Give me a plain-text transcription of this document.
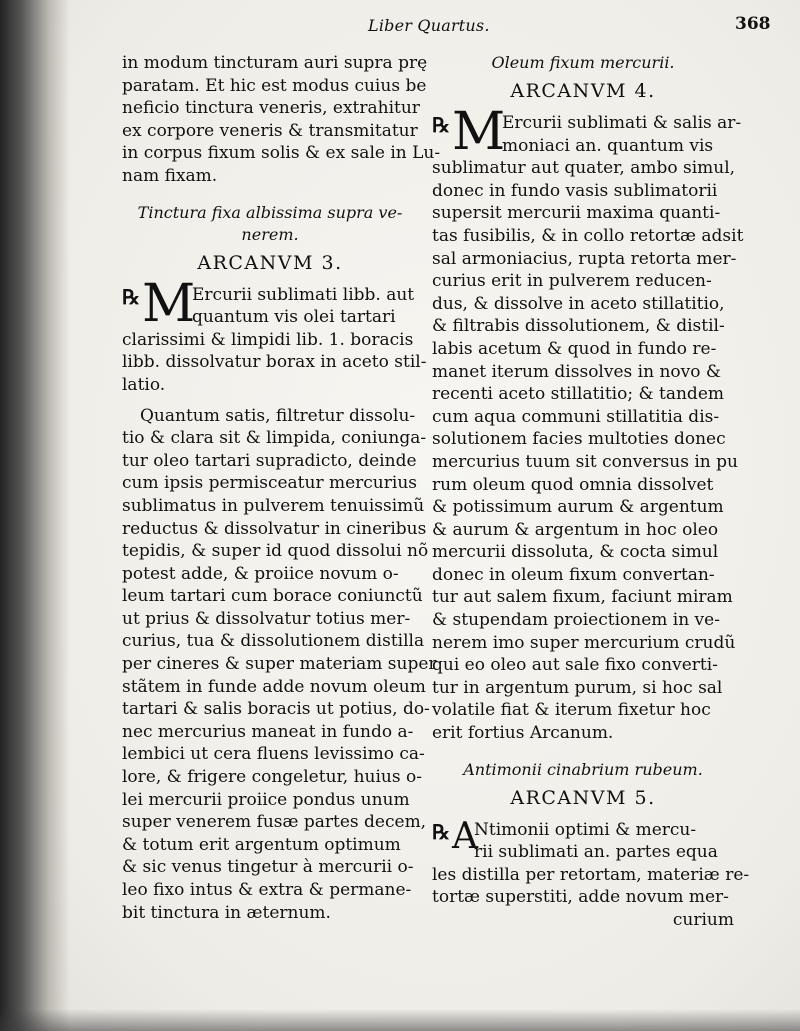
Liber Quartus.	368
in modum tincturam auri supra prę
paratam. Et hic est modus cuius be
neficio tinctura veneris, extrahitur
ex corpore veneris & transmitatur
in corpus fixum solis & ex sale in Lu-
nam fixam.
Tinctura fixa albissima supra ve-
nerem.
ARCANVM 3.
℞ M
Ercurii sublimati libb. aut
quantum vis olei tartari
clarissimi & limpidi lib. 1. boracis
libb. dissolvatur borax in aceto stil-
latio.
Quantum satis, filtretur dissolu-
tio & clara sit & limpida, coniunga-
tur oleo tartari supradicto, deinde
cum ipsis permisceatur mercurius
sublimatus in pulverem tenuissimũ
reductus & dissolvatur in cineribus
tepidis, & super id quod dissolui nõ
potest adde, & proiice novum o-
leum tartari cum borace coniunctũ
ut prius & dissolvatur totius mer-
curius, tua & dissolutionem distilla
per cineres & super materiam super
stãtem in funde adde novum oleum
tartari & salis boracis ut potius, do-
nec mercurius maneat in fundo a-
lembici ut cera fluens levissimo ca-
lore, & frigere congeletur, huius o-
lei mercurii proiice pondus unum
super venerem fusæ partes decem,
& totum erit argentum optimum
& sic venus tingetur à mercurii o-
leo fixo intus & extra & permane-
bit tinctura in æternum.
Oleum fixum mercurii.
ARCANVM 4.
℞ M
Ercurii sublimati & salis ar-
moniaci an. quantum vis
sublimatur aut quater, ambo simul,
donec in fundo vasis sublimatorii
supersit mercurii maxima quanti-
tas fusibilis, & in collo retortæ adsit
sal armoniacius, rupta retorta mer-
curius erit in pulverem reducen-
dus, & dissolve in aceto stillatitio,
& filtrabis dissolutionem, & distil-
labis acetum & quod in fundo re-
manet iterum dissolves in novo &
recenti aceto stillatitio; & tandem
cum aqua communi stillatitia dis-
solutionem facies multoties donec
mercurius tuum sit conversus in pu
rum oleum quod omnia dissolvet
& potissimum aurum & argentum
& aurum & argentum in hoc oleo
mercurii dissoluta, & cocta simul
donec in oleum fixum convertan-
tur aut salem fixum, faciunt miram
& stupendam proiectionem in ve-
nerem imo super mercurium crudũ
qui eo oleo aut sale fixo converti-
tur in argentum purum, si hoc sal
volatile fiat & iterum fixetur hoc
erit fortius Arcanum.
Antimonii cinabrium rubeum.
ARCANVM 5.
℞ A
Ntimonii optimi & mercu-
rii sublimati an. partes equa
les distilla per retortam, materiæ re-
tortæ superstiti, adde novum mer-
curium
